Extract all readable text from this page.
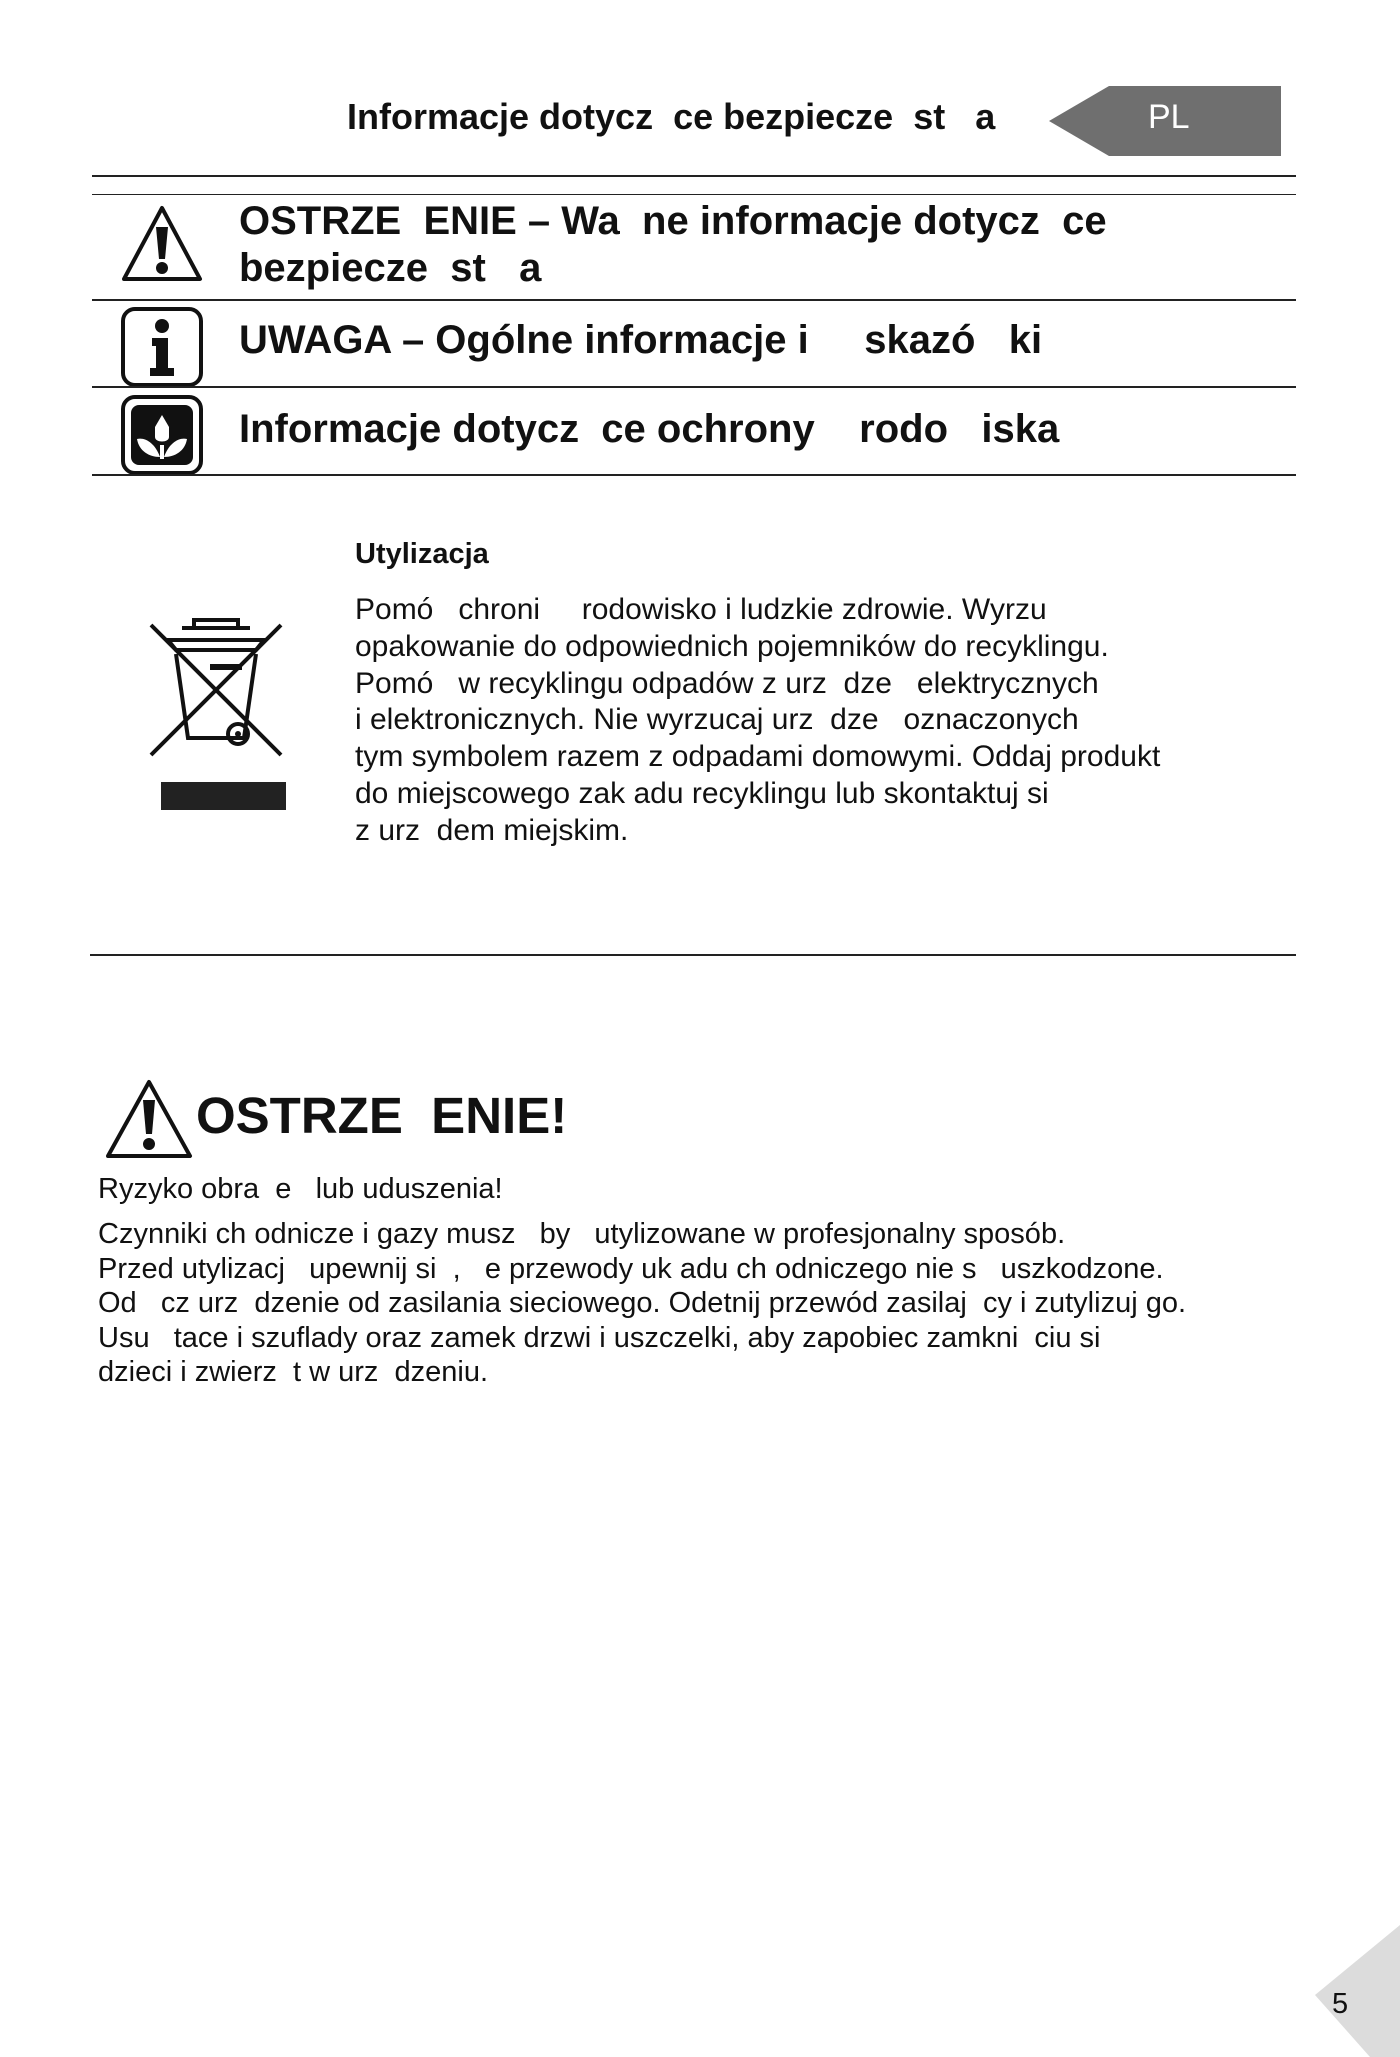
Informacje dotycz  ce bezpiecze  st   a	PL
OSTRZE  ENIE – Wa  ne informacje dotycz  ce
bezpiecze  st   a
UWAGA – Ogólne informacje i     skazó   ki
Informacje dotycz  ce ochrony    rodo   iska
Utylizacja
Pomó   chroni     rodowisko i ludzkie zdrowie. Wyrzu
opakowanie do odpowiednich pojemników do recyklingu.
Pomó   w recyklingu odpadów z urz  dze   elektrycznych
i elektronicznych. Nie wyrzucaj urz  dze   oznaczonych
tym symbolem razem z odpadami domowymi. Oddaj produkt
do miejscowego zak adu recyklingu lub skontaktuj si
z urz  dem miejskim.
OSTRZE  ENIE!
Ryzyko obra  e   lub uduszenia!
Czynniki ch odnicze i gazy musz   by   utylizowane w profesjonalny sposób.
Przed utylizacj   upewnij si  ,   e przewody uk adu ch odniczego nie s   uszkodzone.
Od   cz urz  dzenie od zasilania sieciowego. Odetnij przewód zasilaj  cy i zutylizuj go.
Usu   tace i szuflady oraz zamek drzwi i uszczelki, aby zapobiec zamkni  ciu si
dzieci i zwierz  t w urz  dzeniu.
5
